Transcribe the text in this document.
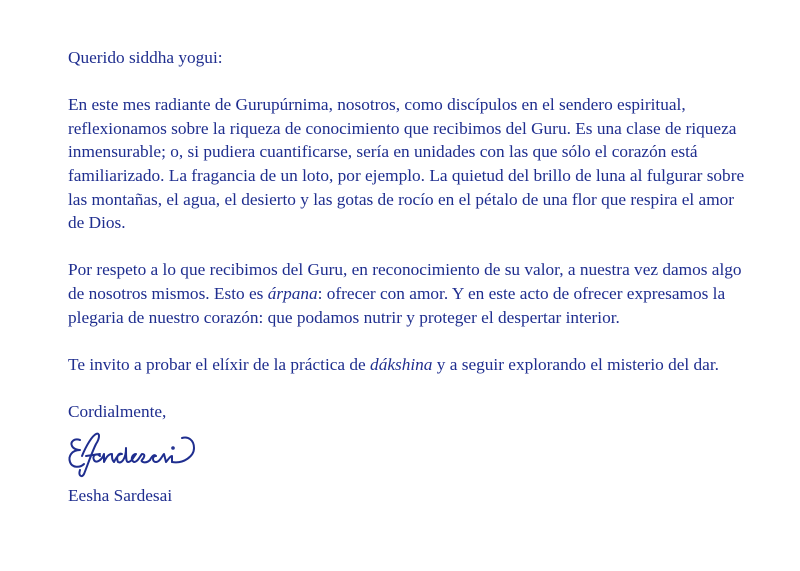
Querido siddha yogui:

En este mes radiante de Gurupúrnima, nosotros, como discípulos en el sendero espiritual, reflexionamos sobre la riqueza de conocimiento que recibimos del Guru. Es una clase de riqueza inmensurable; o, si pudiera cuantificarse, sería en unidades con las que sólo el corazón está familiarizado. La fragancia de un loto, por ejemplo. La quietud del brillo de luna al fulgurar sobre las montañas, el agua, el desierto y las gotas de rocío en el pétalo de una flor que respira el amor de Dios.

Por respeto a lo que recibimos del Guru, en reconocimiento de su valor, a nuestra vez damos algo de nosotros mismos. Esto es árpana: ofrecer con amor. Y en este acto de ofrecer expresamos la plegaria de nuestro corazón: que podamos nutrir y proteger el despertar interior.

Te invito a probar el elíxir de la práctica de dákshina y a seguir explorando el misterio del dar.

Cordialmente,

Eesha Sardesai
